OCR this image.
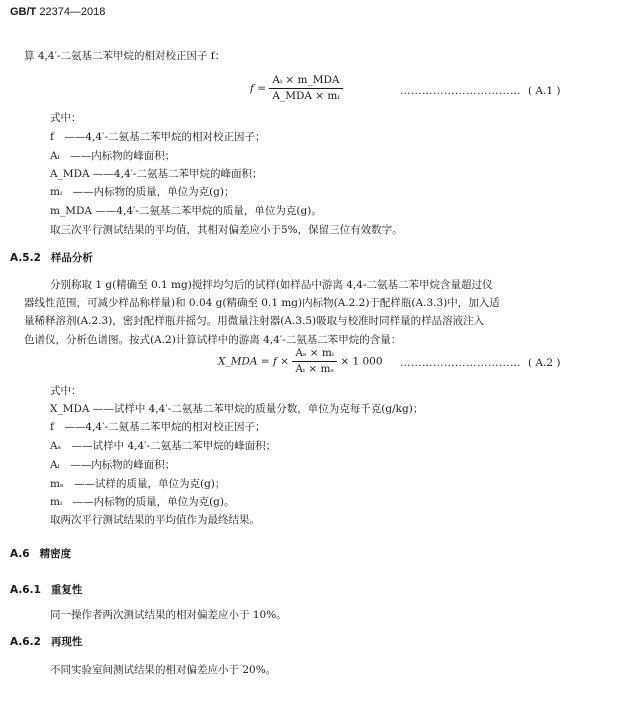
GB/T 22374—2018
算 4,4′-二氨基二苯甲烷的相对校正因子 f：
$f = \frac{\text{Aᵢ × m\_MDA}}{\text{A\_MDA × mᵢ}}$	…………………………… ( A.1 )
式中：
f　——4,4′-二氨基二苯甲烷的相对校正因子；
Aᵢ　——内标物的峰面积；
A_MDA ——4,4′-二氨基二苯甲烷的峰面积；
mᵢ　——内标物的质量，单位为克(g)；
m_MDA ——4,4′-二氨基二苯甲烷的质量，单位为克(g)。
取三次平行测试结果的平均值，其相对偏差应小于5%，保留三位有效数字。
A.5.2 样品分析
分别称取 1 g(精确至 0.1 mg)搅拌均匀后的试样(如样品中游离 4,4-二氨基二苯甲烷含量超过仪
器线性范围，可减少样品称样量)和 0.04 g(精确至 0.1 mg)内标物(A.2.2)于配样瓶(A.3.3)中，加入适
量稀释溶剂(A.2.3)，密封配样瓶并摇匀。用微量注射器(A.3.5)吸取与校准时同样量的样品溶液注入
色谱仪，分析色谱图。按式(A.2)计算试样中的游离 4,4′-二氨基二苯甲烷的含量：
X_MDA = $f \times \frac{\text{Aₛ × mᵢ}}{\text{Aᵢ × mₛ}} \times 1$ 000 …………………………… ( A.2 )
式中：
X_MDA ——试样中 4,4′-二氨基二苯甲烷的质量分数，单位为克每千克(g/kg)；
f　——4,4′-二氨基二苯甲烷的相对校正因子；
Aₛ　——试样中 4,4′-二氨基二苯甲烷的峰面积；
Aᵢ　——内标物的峰面积；
mₛ　——试样的质量，单位为克(g)；
mᵢ　——内标物的质量，单位为克(g)。
取两次平行测试结果的平均值作为最终结果。
A.6 精密度
A.6.1 重复性
同一操作者两次测试结果的相对偏差应小于 10%。
A.6.2 再现性
不同实验室间测试结果的相对偏差应小于 20%。
